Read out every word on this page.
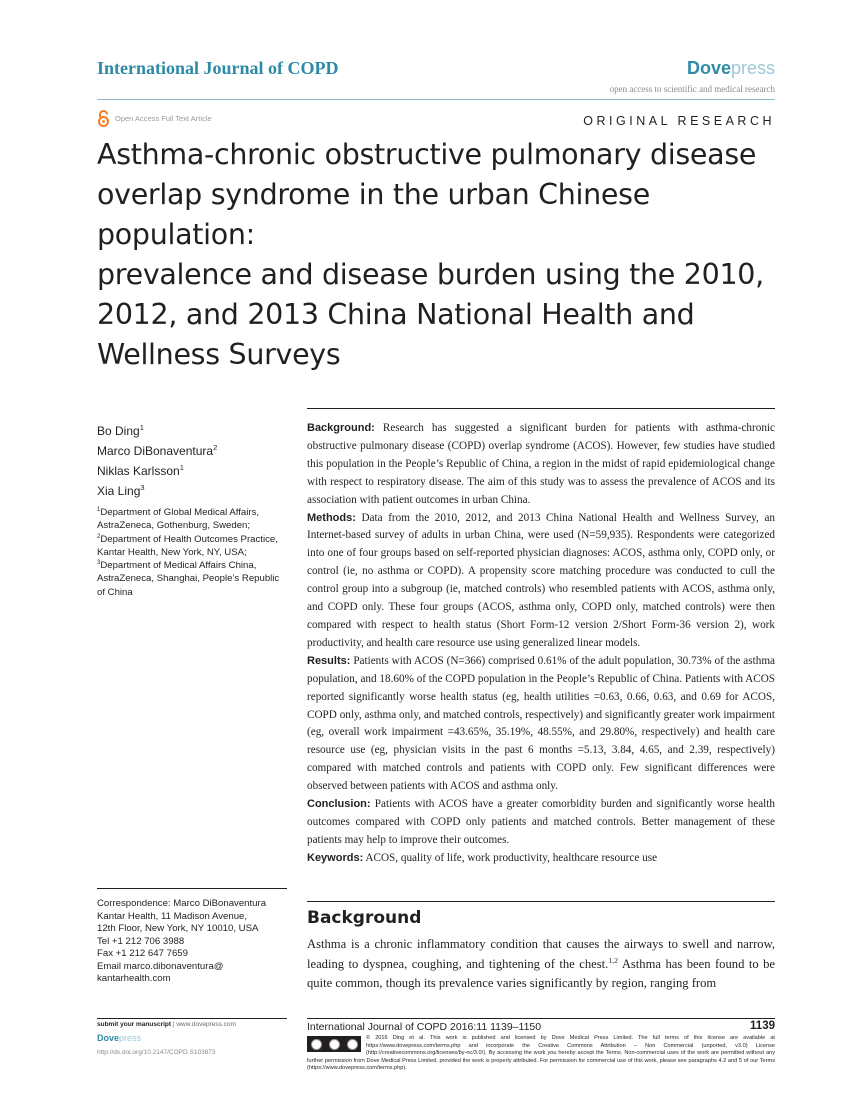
International Journal of COPD	Dovepress
open access to scientific and medical research
Open Access Full Text Article	ORIGINAL RESEARCH
Asthma-chronic obstructive pulmonary disease
overlap syndrome in the urban Chinese population:
prevalence and disease burden using the 2010,
2012, and 2013 China National Health and
Wellness Surveys
Bo Ding$^1$
Marco DiBonaventura$^2$
Niklas Karlsson$^1$
Xia Ling$^3$
$^1$Department of Global Medical Affairs, AstraZeneca, Gothenburg, Sweden; $^2$Department of Health Outcomes Practice, Kantar Health, New York, NY, USA; $^3$Department of Medical Affairs China, AstraZeneca, Shanghai, People’s Republic of China
Correspondence: Marco DiBonaventura
Kantar Health, 11 Madison Avenue,
12th Floor, New York, NY 10010, USA
Tel +1 212 706 3988
Fax +1 212 647 7659
Email marco.dibonaventura@
kantarhealth.com

Background: Research has suggested a significant burden for patients with asthma-chronic obstructive pulmonary disease (COPD) overlap syndrome (ACOS). However, few studies have studied this population in the People’s Republic of China, a region in the midst of rapid epidemiological change with respect to respiratory disease. The aim of this study was to assess the prevalence of ACOS and its association with patient outcomes in urban China.

Methods: Data from the 2010, 2012, and 2013 China National Health and Wellness Survey, an Internet-based survey of adults in urban China, were used (N=59,935). Respondents were categorized into one of four groups based on self-reported physician diagnoses: ACOS, asthma only, COPD only, or control (ie, no asthma or COPD). A propensity score matching procedure was conducted to cull the control group into a subgroup (ie, matched controls) who resembled patients with ACOS, asthma only, and COPD only. These four groups (ACOS, asthma only, COPD only, matched controls) were then compared with respect to health status (Short Form-12 version 2/Short Form-36 version 2), work productivity, and health care resource use using generalized linear models.

Results: Patients with ACOS (N=366) comprised 0.61% of the adult population, 30.73% of the asthma population, and 18.60% of the COPD population in the People’s Republic of China. Patients with ACOS reported significantly worse health status (eg, health utilities =0.63, 0.66, 0.63, and 0.69 for ACOS, COPD only, asthma only, and matched controls, respectively) and significantly greater work impairment (eg, overall work impairment =43.65%, 35.19%, 48.55%, and 29.80%, respectively) and health care resource use (eg, physician visits in the past 6 months =5.13, 3.84, 4.65, and 2.39, respectively) compared with matched controls and patients with COPD only. Few significant differences were observed between patients with ACOS and asthma only.

Conclusion: Patients with ACOS have a greater comorbidity burden and significantly worse health outcomes compared with COPD only patients and matched controls. Better management of these patients may help to improve their outcomes.

Keywords: ACOS, quality of life, work productivity, healthcare resource use

Background

Asthma is a chronic inflammatory condition that causes the airways to swell and narrow, leading to dyspnea, coughing, and tightening of the chest.$^{1,2}$ Asthma has been found to be quite common, though its prevalence varies significantly by region, ranging from

submit your manuscript | www.dovepress.com
Dovepress
http://dx.doi.org/10.2147/COPD.S103873
International Journal of COPD 2016:11 1139–1150	1139
© 2016 Ding et al. This work is published and licensed by Dove Medical Press Limited. The full terms of this license are available at https://www.dovepress.com/terms.php and incorporate the Creative Commons Attribution – Non Commercial (unported, v3.0) License (http://creativecommons.org/licenses/by-nc/3.0/). By accessing the work you hereby accept the Terms. Non-commercial uses of the work are permitted without any further permission from Dove Medical Press Limited, provided the work is properly attributed. For permission for commercial use of this work, please see paragraphs 4.2 and 5 of our Terms (https://www.dovepress.com/terms.php).
